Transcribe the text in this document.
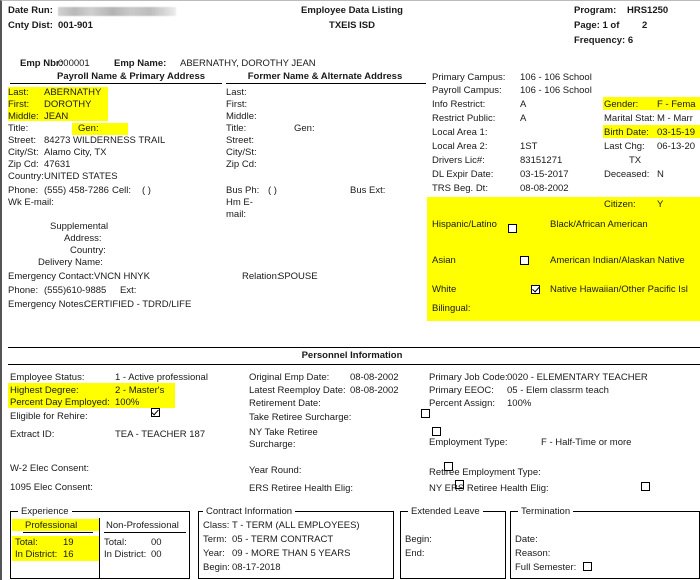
Date Run:
Cnty Dist: 001-901
Employee Data Listing
TXEIS ISD
Program: HRS1250
Page: 1 of 2
Frequency: 6
Emp Nbr:
000001	Emp Name: ABERNATHY, DOROTHY JEAN
Payroll Name & Primary Address	Former Name & Alternate Address
Last: ABERNATHY
First: DOROTHY
Middle: JEAN
Title:	Gen:
Street: 84273 WILDERNESS TRAIL
City/St: Alamo City, TX
Zip Cd: 47631
Country: UNITED STATES
Phone: (555) 458-7286 Cell: ( )
Wk E-mail:
Supplemental
Address:
Country:
Delivery Name:
Emergency Contact: VNCN HNYK	Relation:
SPOUSE
Phone: (555)610-9885 Ext:
Emergency Notes:
CERTIFIED - TDRD/LIFE
Last:
First:
Middle:
Title:	Gen:
Street:
City/St:
Zip Cd:
Bus Ph: ( )	Bus Ext:
Hm E-
mail:
Primary Campus: 106 - 106 School
Payroll Campus: 106 - 106 School
Info Restrict:	A
Restrict Public:	A
Local Area 1:
Local Area 2:	1ST
Drivers Lic#:	83151271
DL Expir Date:	03-15-2017
TRS Beg. Dt:	08-08-2002
Gender: F - Fema
Marital Stat: M - Marr
Birth Date: 03-15-19
Last Chg: 06-13-20
TX
Deceased: N
Citizen: Y
Hispanic/Latino
	Black/African American
Asian
	American Indian/Alaskan Native
White
	Native Hawaiian/Other Pacific Isl
Bilingual:
Personnel Information
Employee Status:	1 - Active professional
Highest Degree:	2 - Master's
Percent Day Employed: 100%
Eligible for Rehire:

Extract ID:	TEA - TEACHER 187
W-2 Elec Consent:
1095 Elec Consent:
Original Emp Date: 08-08-2002
Latest Reemploy Date: 08-08-2002
Retirement Date:
Take Retiree Surcharge:

NY Take Retiree
Surcharge:

Year Round:

ERS Retiree Health Elig:

Primary Job Code: 0020 - ELEMENTARY TEACHER
Primary EEOC: 05 - Elem classrm teach
Percent Assign: 100%
Employment Type:	F - Half-Time or more
Retiree Employment Type:
NY ERS Retiree Health Elig:
Experience
Professional	Non-Professional
Total:	19
In District: 16
Total:	00
In District: 00
Contract Information
Class: T - TERM (ALL EMPLOYEES)
Term: 05 - TERM CONTRACT
Year: 09 - MORE THAN 5 YEARS
Begin: 08-17-2018
Extended Leave
Begin:
End:
Termination
Date:
Reason:
Full Semester:
